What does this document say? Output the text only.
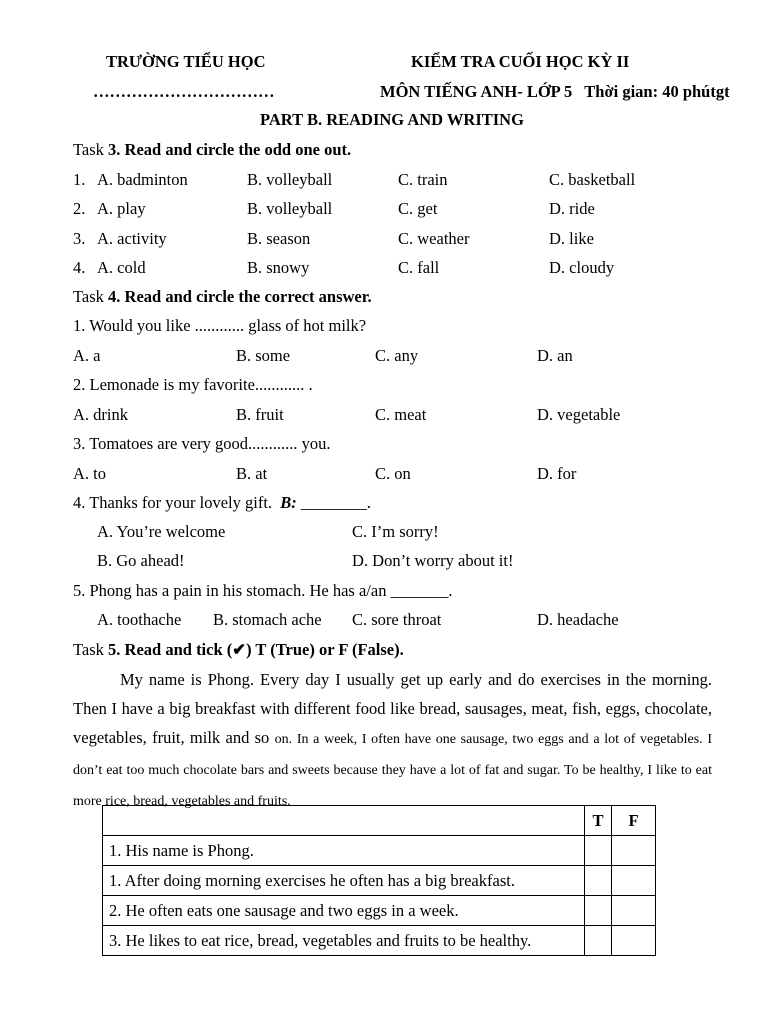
TRƯỜNG TIỂU HỌC
……………………………
KIỂM TRA CUỐI HỌC KỲ II
MÔN TIẾNG ANH- LỚP 5 Thời gian: 40 phútgt
PART B. READING AND WRITING
Task 3. Read and circle the odd one out.
1. A. badminton	B. volleyball	C. train	C. basketball
2. A. play	B. volleyball	C. get	D. ride
3. A. activity	B. season	C. weather	D. like
4. A. cold	B. snowy	C. fall	D. cloudy
Task 4. Read and circle the correct answer.
1. Would you like ............ glass of hot milk?
A. a	B. some	C. any	D. an
2. Lemonade is my favorite............ .
A. drink	B. fruit	C. meat	D. vegetable
3. Tomatoes are very good............ you.
A. to	B. at	C. on	D. for
4. Thanks for your lovely gift. B: ________.
A. You’re welcome	C. I’m sorry!
B. Go ahead!	D. Don’t worry about it!
5. Phong has a pain in his stomach. He has a/an _______.
A. toothache B. stomach ache C. sore throat	D. headache
Task 5. Read and tick (✔) T (True) or F (False).
My name is Phong. Every day I usually get up early and do exercises in the morning. Then I have a big breakfast with different food like bread, sausages, meat, fish, eggs, chocolate, vegetables, fruit, milk and so on. In a week, I often have one sausage, two eggs and a lot of vegetables. I don’t eat too much chocolate bars and sweets because they have a lot of fat and sugar. To be healthy, I like to eat more rice, bread, vegetables and fruits.
	T	F
1. His name is Phong.		
1. After doing morning exercises he often has a big breakfast.		
2. He often eats one sausage and two eggs in a week.		
3. He likes to eat rice, bread, vegetables and fruits to be healthy.		
